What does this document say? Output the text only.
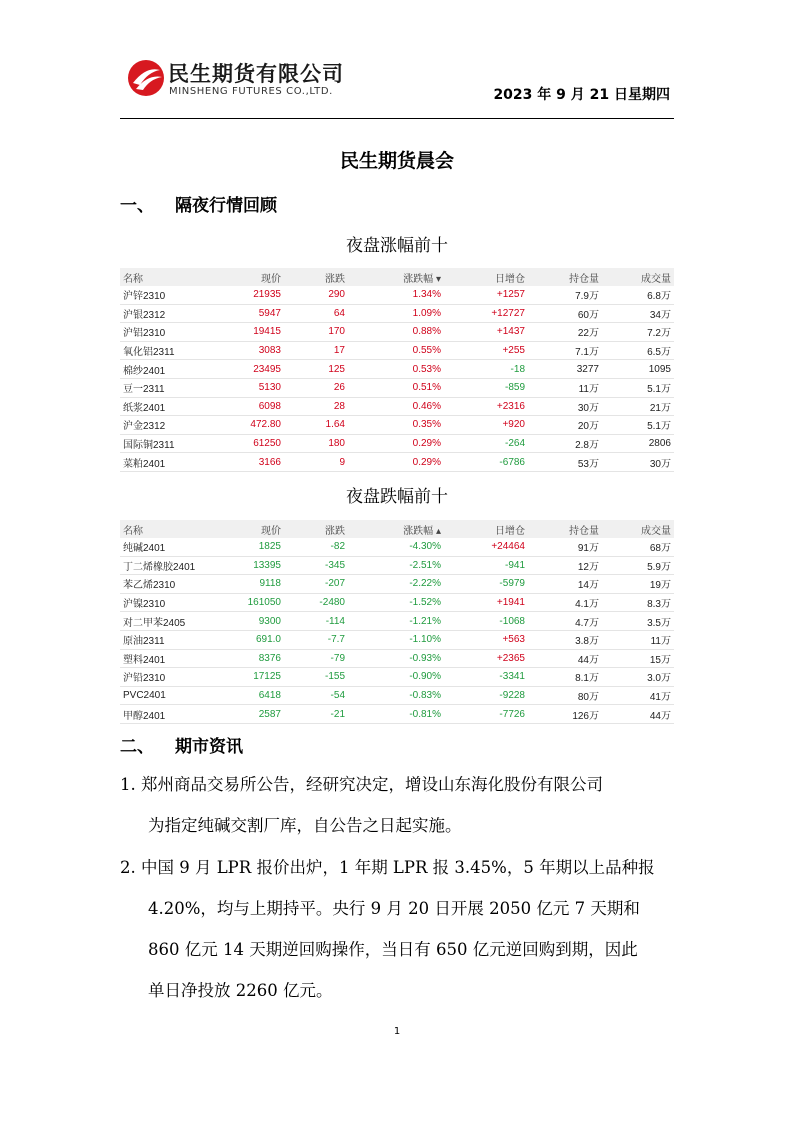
民生期货有限公司
MINSHENG FUTURES CO.,LTD.	2023 年 9 月 21 日星期四
民生期货晨会
一、 隔夜行情回顾
夜盘涨幅前十
名称	现价	涨跌	涨跌幅 ▾	日增仓	持仓量	成交量
沪锌2310	21935	290	1.34%	+1257	7.9万	6.8万
沪银2312	5947	64	1.09%	+12727	60万	34万
沪铝2310	19415	170	0.88%	+1437	22万	7.2万
氧化铝2311	3083	17	0.55%	+255	7.1万	6.5万
棉纱2401	23495	125	0.53%	-18	3277	1095
豆一2311	5130	26	0.51%	-859	11万	5.1万
纸浆2401	6098	28	0.46%	+2316	30万	21万
沪金2312	472.80	1.64	0.35%	+920	20万	5.1万
国际铜2311	61250	180	0.29%	-264	2.8万	2806
菜粕2401	3166	9	0.29%	-6786	53万	30万
夜盘跌幅前十
名称	现价	涨跌	涨跌幅 ▴	日增仓	持仓量	成交量
纯碱2401	1825	-82	-4.30%	+24464	91万	68万
丁二烯橡胶2401	13395	-345	-2.51%	-941	12万	5.9万
苯乙烯2310	9118	-207	-2.22%	-5979	14万	19万
沪镍2310	161050	-2480	-1.52%	+1941	4.1万	8.3万
对二甲苯2405	9300	-114	-1.21%	-1068	4.7万	3.5万
原油2311	691.0	-7.7	-1.10%	+563	3.8万	11万
塑料2401	8376	-79	-0.93%	+2365	44万	15万
沪铅2310	17125	-155	-0.90%	-3341	8.1万	3.0万
PVC2401	6418	-54	-0.83%	-9228	80万	41万
甲醇2401	2587	-21	-0.81%	-7726	126万	44万
二、 期市资讯
1. 郑州商品交易所公告，经研究决定，增设山东海化股份有限公司
为指定纯碱交割厂库，自公告之日起实施。
2. 中国 9 月 LPR 报价出炉，1 年期 LPR 报 3.45%，5 年期以上品种报
4.20%，均与上期持平。央行 9 月 20 日开展 2050 亿元 7 天期和
860 亿元 14 天期逆回购操作，当日有 650 亿元逆回购到期，因此
单日净投放 2260 亿元。
1
